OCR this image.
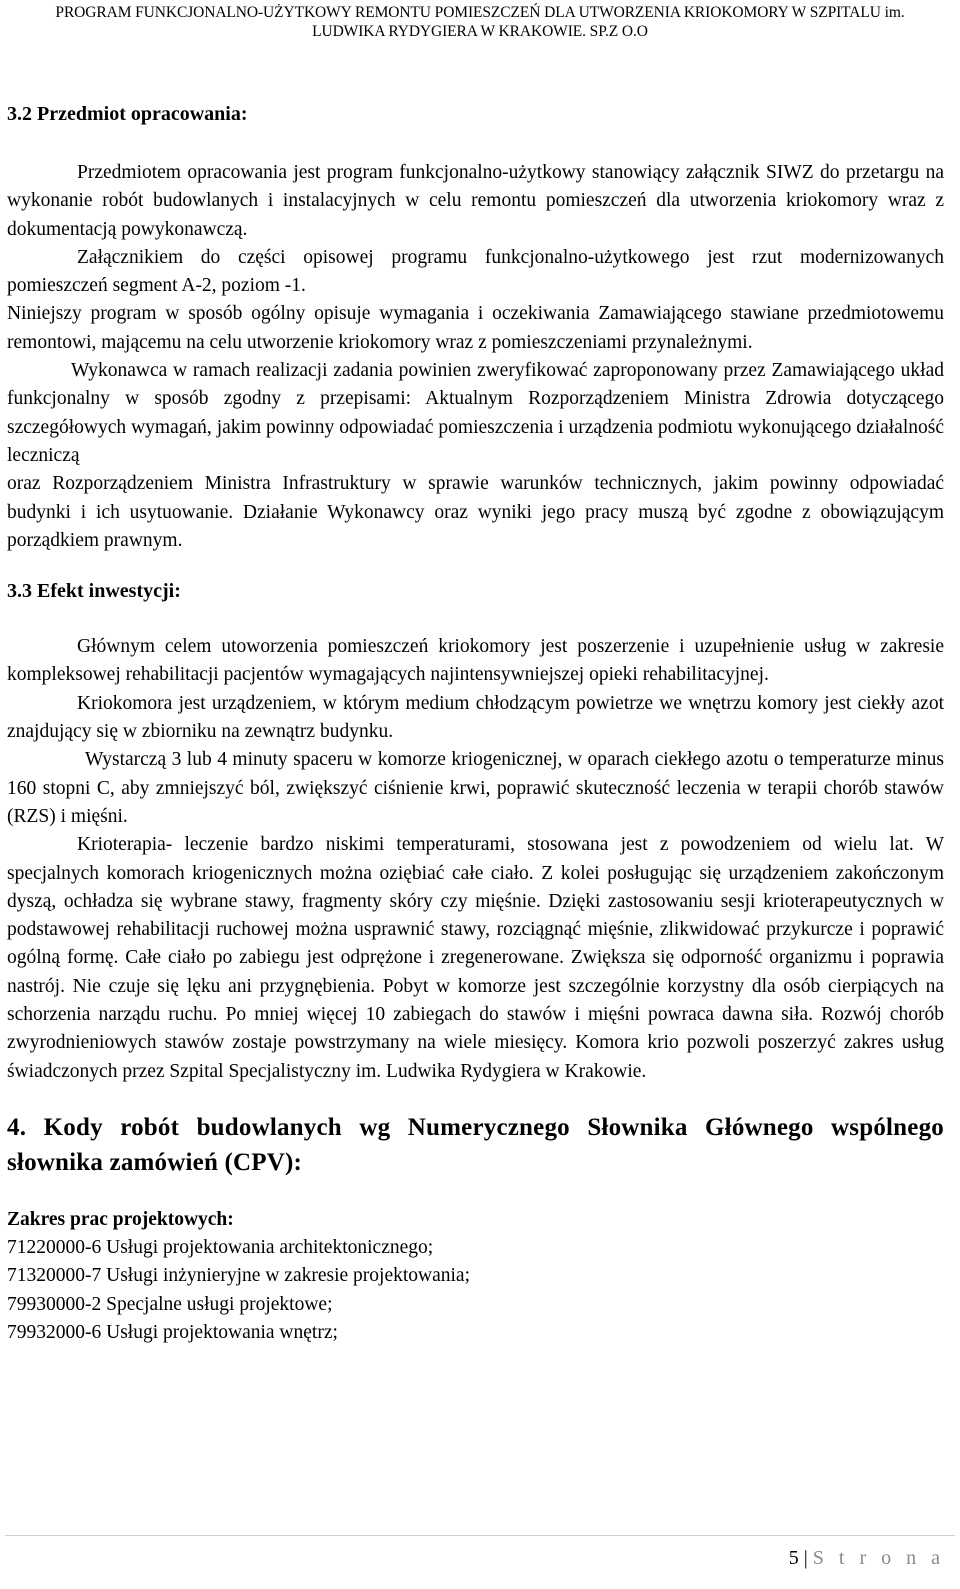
PROGRAM FUNKCJONALNO-UŻYTKOWY REMONTU POMIESZCZEŃ DLA UTWORZENIA KRIOKOMORY W SZPITALU im.
LUDWIKA RYDYGIERA W KRAKOWIE. SP.Z O.O
3.2 Przedmiot opracowania:

Przedmiotem opracowania jest program funkcjonalno-użytkowy stanowiący załącznik SIWZ do przetargu na wykonanie robót budowlanych i instalacyjnych w celu remontu pomieszczeń dla utworzenia kriokomory wraz z dokumentacją powykonawczą.

Załącznikiem do części opisowej programu funkcjonalno-użytkowego jest rzut modernizowanych pomieszczeń segment A-2, poziom -1.

Niniejszy program w sposób ogólny opisuje wymagania i oczekiwania Zamawiającego stawiane przedmiotowemu remontowi, mającemu na celu utworzenie kriokomory wraz z pomieszczeniami przynależnymi.

Wykonawca w ramach realizacji zadania powinien zweryfikować zaproponowany przez Zamawiającego układ funkcjonalny w sposób zgodny z przepisami: Aktualnym Rozporządzeniem Ministra Zdrowia dotyczącego szczegółowych wymagań, jakim powinny odpowiadać pomieszczenia i urządzenia podmiotu wykonującego działalność leczniczą

oraz Rozporządzeniem Ministra Infrastruktury w sprawie warunków technicznych, jakim powinny odpowiadać budynki i ich usytuowanie. Działanie Wykonawcy oraz wyniki jego pracy muszą być zgodne z obowiązującym porządkiem prawnym.

3.3 Efekt inwestycji:

Głównym celem utoworzenia pomieszczeń kriokomory jest poszerzenie i uzupełnienie usług w zakresie kompleksowej rehabilitacji pacjentów wymagających najintensywniejszej opieki rehabilitacyjnej.

Kriokomora jest urządzeniem, w którym medium chłodzącym powietrze we wnętrzu komory jest ciekły azot znajdujący się w zbiorniku na zewnątrz budynku.

Wystarczą 3 lub 4 minuty spaceru w komorze kriogenicznej, w oparach ciekłego azotu o temperaturze minus 160 stopni C, aby zmniejszyć ból, zwiększyć ciśnienie krwi, poprawić skuteczność leczenia w terapii chorób stawów (RZS) i mięśni.

Krioterapia- leczenie bardzo niskimi temperaturami, stosowana jest z powodzeniem od wielu lat. W specjalnych komorach kriogenicznych można oziębiać całe ciało. Z kolei posługując się urządzeniem zakończonym dyszą, ochładza się wybrane stawy, fragmenty skóry czy mięśnie. Dzięki zastosowaniu sesji krioterapeutycznych w podstawowej rehabilitacji ruchowej można usprawnić stawy, rozciągnąć mięśnie, zlikwidować przykurcze i poprawić ogólną formę. Całe ciało po zabiegu jest odprężone i zregenerowane. Zwiększa się odporność organizmu i poprawia nastrój. Nie czuje się lęku ani przygnębienia. Pobyt w komorze jest szczególnie korzystny dla osób cierpiących na schorzenia narządu ruchu. Po mniej więcej 10 zabiegach do stawów i mięśni powraca dawna siła. Rozwój chorób zwyrodnieniowych stawów zostaje powstrzymany na wiele miesięcy. Komora krio pozwoli poszerzyć zakres usług świadczonych przez Szpital Specjalistyczny im. Ludwika Rydygiera w Krakowie.

4. Kody robót budowlanych wg Numerycznego Słownika Głównego wspólnego słownika zamówień (CPV):
Zakres prac projektowych:

71220000-6 Usługi projektowania architektonicznego;

71320000-7 Usługi inżynieryjne w zakresie projektowania;

79930000-2 Specjalne usługi projektowe;

79932000-6 Usługi projektowania wnętrz;

5 | S t r o n a
